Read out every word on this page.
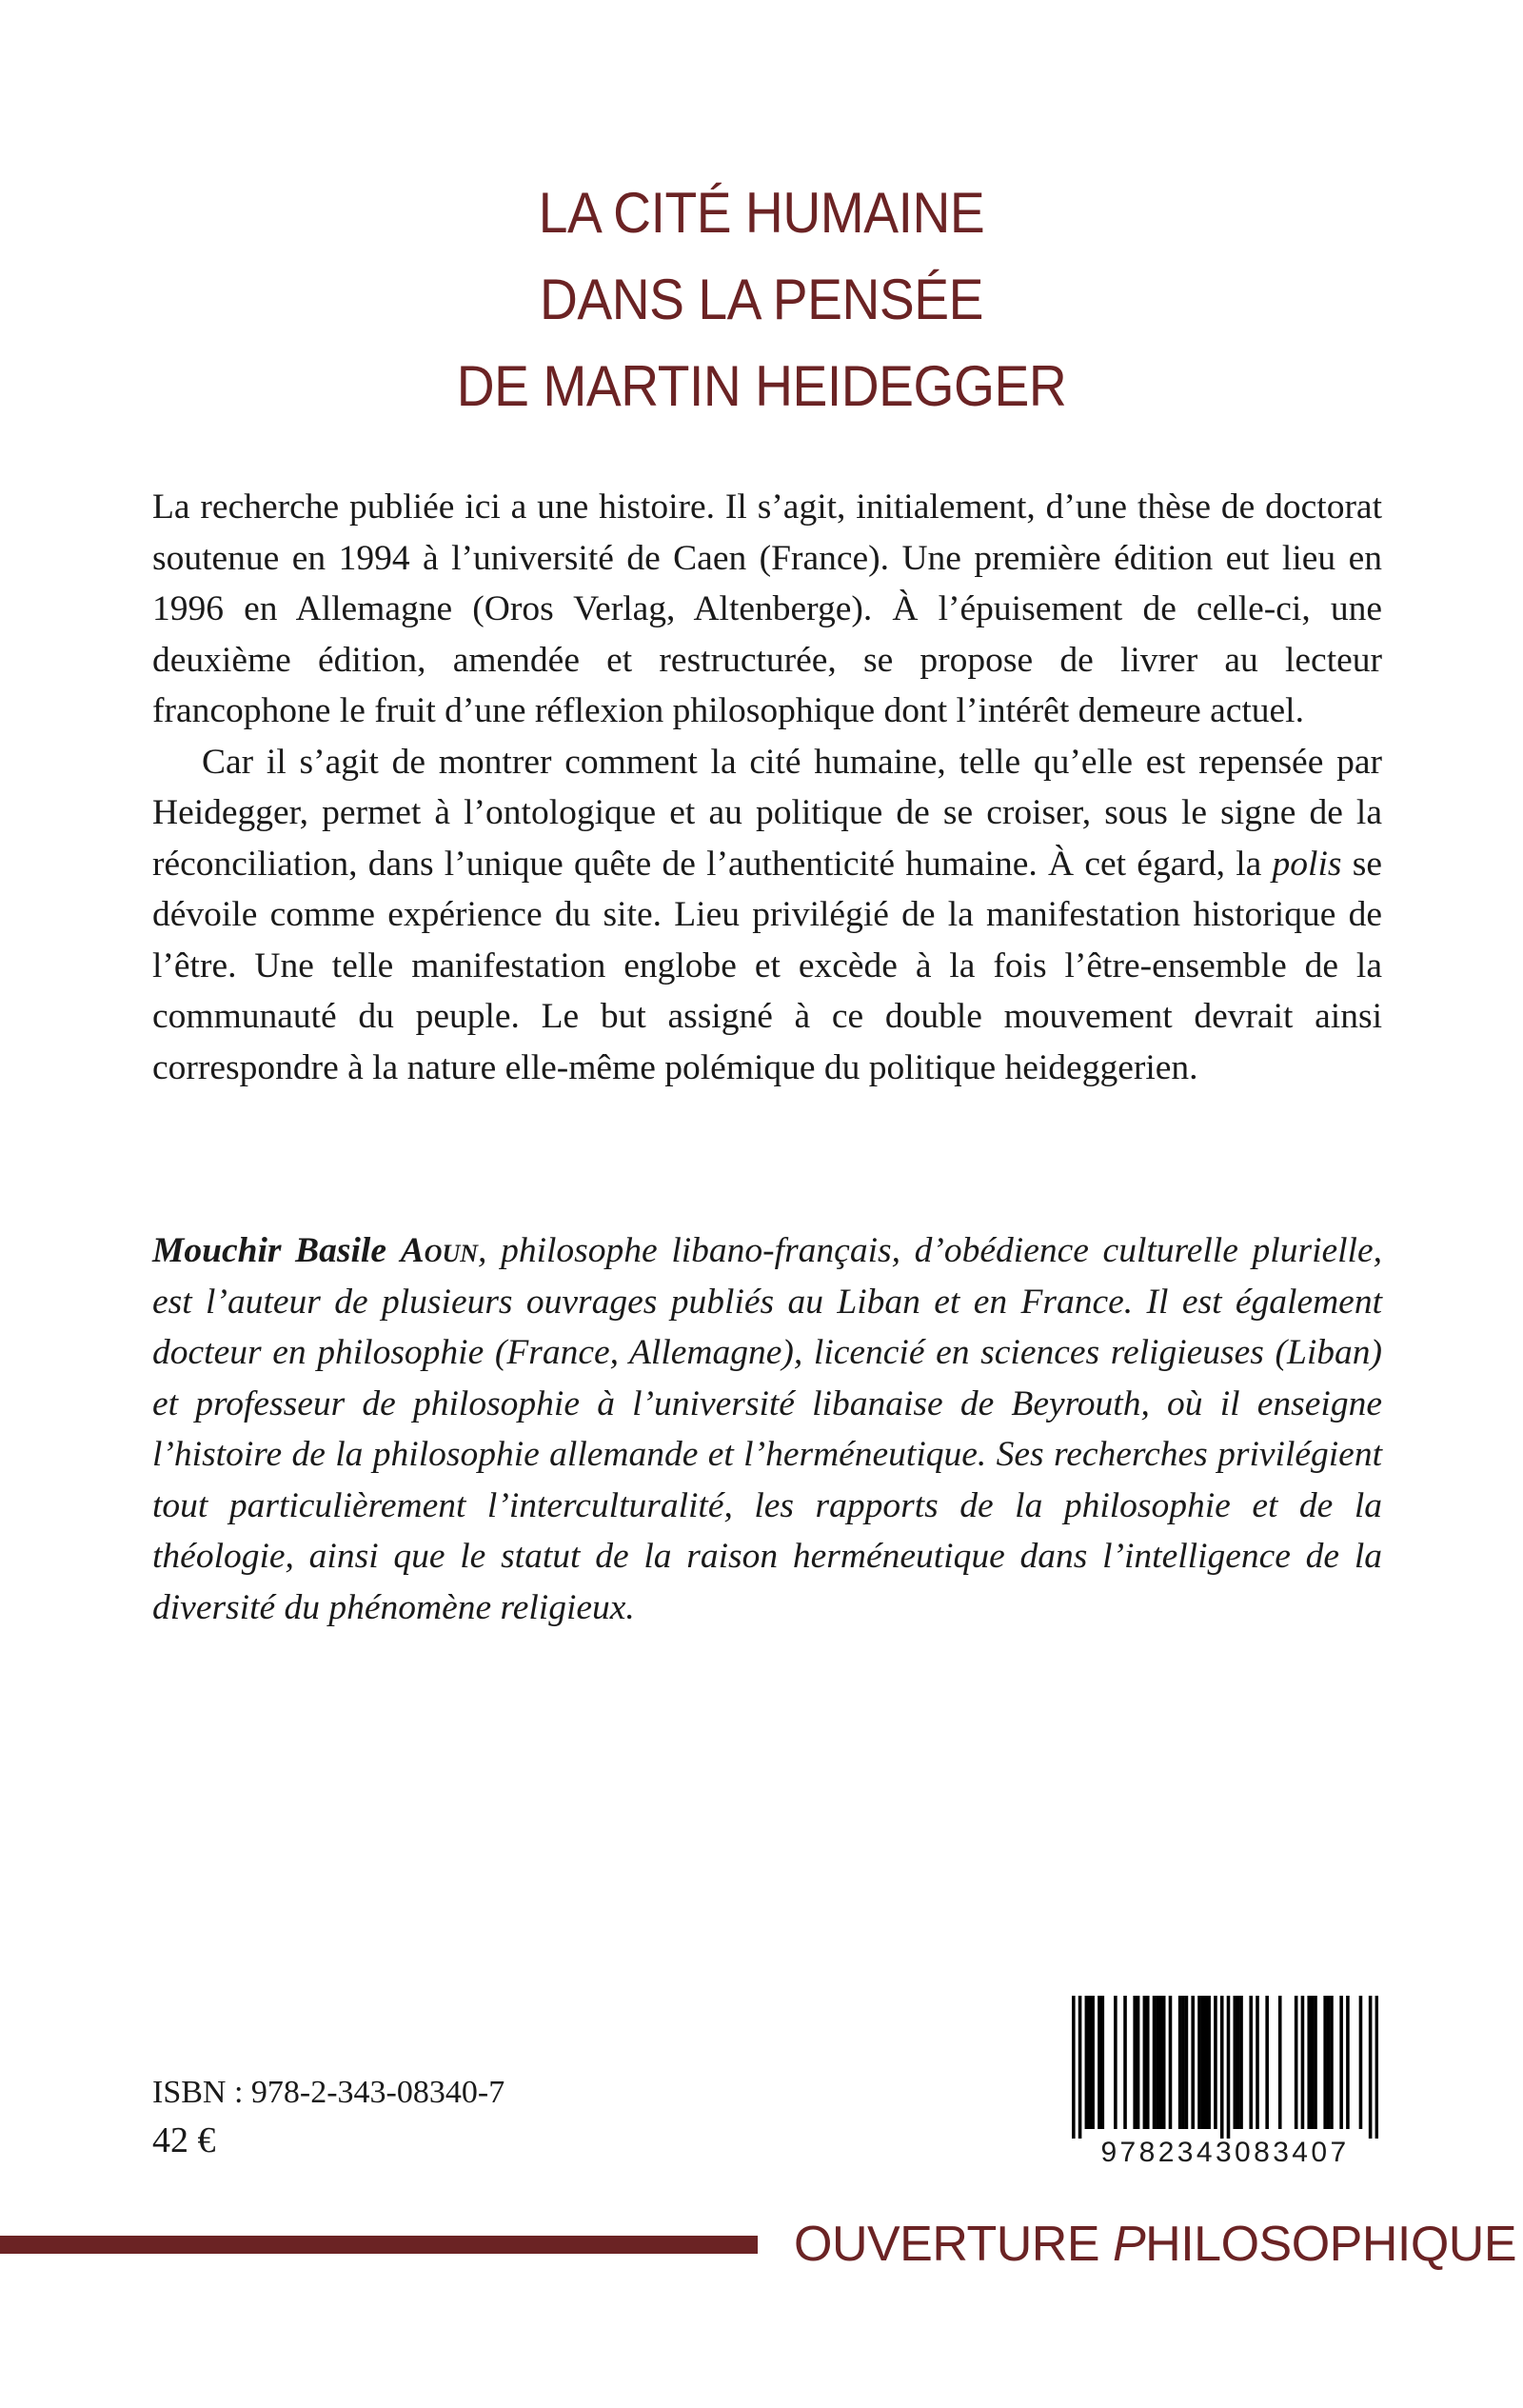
LA CITÉ HUMAINE
DANS LA PENSÉE
DE MARTIN HEIDEGGER

La recherche publiée ici a une histoire. Il s’agit, initialement, d’une thèse de doctorat soutenue en 1994 à l’université de Caen (France). Une première édition eut lieu en 1996 en Allemagne (Oros Verlag, Altenberge). À l’épuisement de celle-ci, une deuxième édition, amendée et restructurée, se propose de livrer au lecteur francophone le fruit d’une réflexion philosophique dont l’intérêt demeure actuel.

Car il s’agit de montrer comment la cité humaine, telle qu’elle est repensée par Heidegger, permet à l’ontologique et au politique de se croiser, sous le signe de la réconciliation, dans l’unique quête de l’authenticité humaine. À cet égard, la polis se dévoile comme expérience du site. Lieu privilégié de la manifestation historique de l’être. Une telle manifestation englobe et excède à la fois l’être-ensemble de la communauté du peuple. Le but assigné à ce double mouvement devrait ainsi correspondre à la nature elle-même polémique du politique heideggerien.

Mouchir Basile Aoun, philosophe libano-français, d’obédience culturelle plurielle, est l’auteur de plusieurs ouvrages publiés au Liban et en France. Il est également docteur en philosophie (France, Allemagne), licencié en sciences religieuses (Liban) et professeur de philosophie à l’université libanaise de Beyrouth, où il enseigne l’histoire de la philosophie allemande et l’herméneutique. Ses recherches privilégient tout particulièrement l’interculturalité, les rapports de la philosophie et de la théologie, ainsi que le statut de la raison herméneutique dans l’intelligence de la diversité du phénomène religieux.
ISBN : 978-2-343-08340-7
42 €	9782343083407
OUVERTURE PHILOSOPHIQUE
